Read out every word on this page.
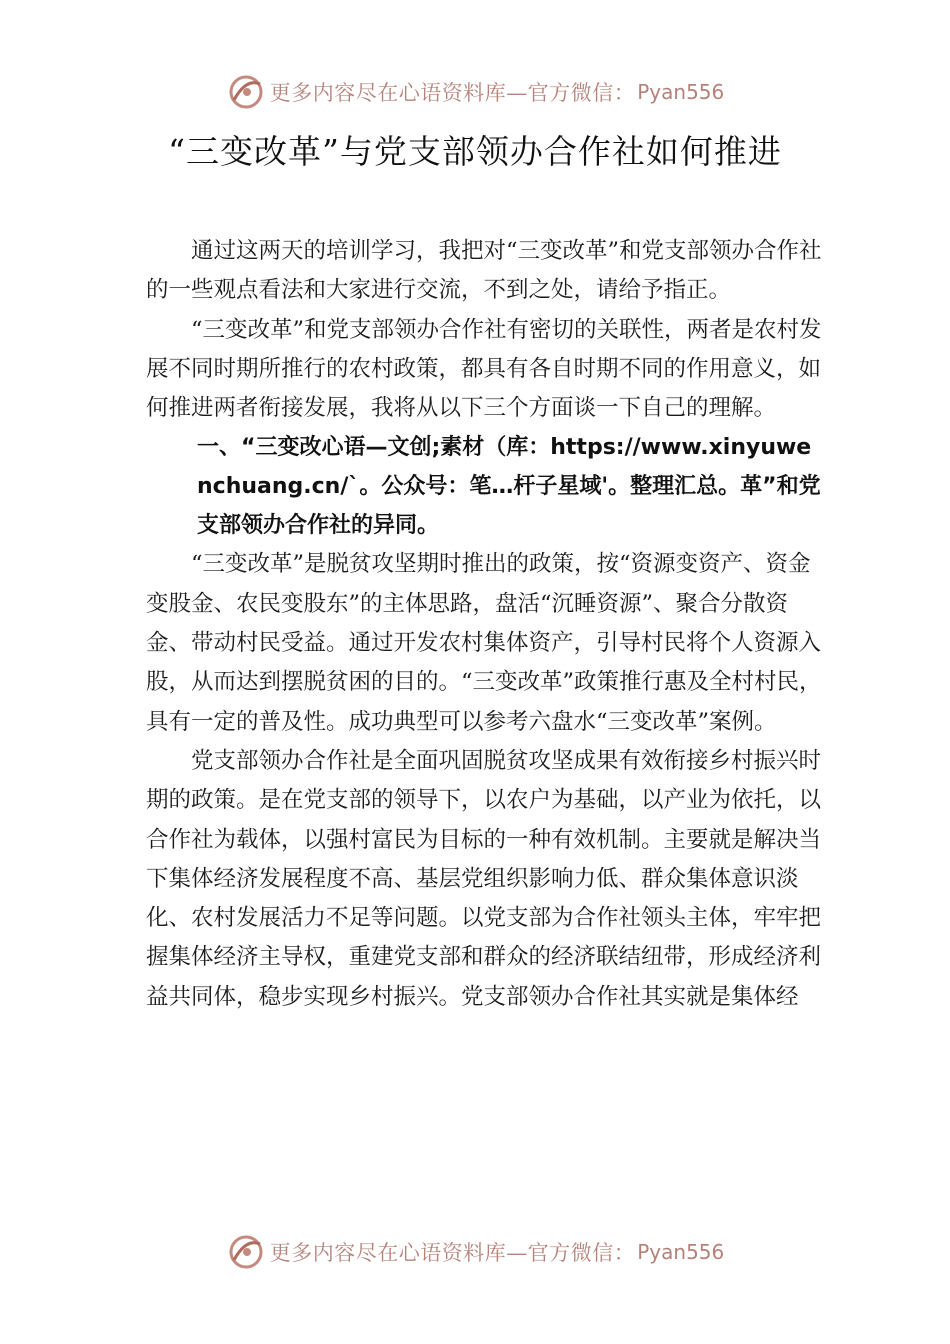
更多内容尽在心语资料库—官方微信： Pyan556
“三变改革”与党支部领办合作社如何推进

通过这两天的培训学习，我把对“三变改革”和党支部领办合作社的一些观点看法和大家进行交流，不到之处，请给予指正。

“三变改革”和党支部领办合作社有密切的关联性，两者是农村发展不同时期所推行的农村政策，都具有各自时期不同的作用意义，如何推进两者衔接发展，我将从以下三个方面谈一下自己的理解。

一、“三变改心语—文创;素材（库：https://www.xinyuwenchuang.cn/`。公众号：笔…杆子星域'。整理汇总。革”和党支部领办合作社的异同。

“三变改革”是脱贫攻坚期时推出的政策，按“资源变资产、资金变股金、农民变股东”的主体思路，盘活“沉睡资源”、聚合分散资金、带动村民受益。通过开发农村集体资产，引导村民将个人资源入股，从而达到摆脱贫困的目的。“三变改革”政策推行惠及全村村民，具有一定的普及性。成功典型可以参考六盘水“三变改革”案例。

党支部领办合作社是全面巩固脱贫攻坚成果有效衔接乡村振兴时期的政策。是在党支部的领导下，以农户为基础，以产业为依托，以合作社为载体，以强村富民为目标的一种有效机制。主要就是解决当下集体经济发展程度不高、基层党组织影响力低、群众集体意识淡化、农村发展活力不足等问题。以党支部为合作社领头主体，牢牢把握集体经济主导权，重建党支部和群众的经济联结纽带，形成经济利益共同体，稳步实现乡村振兴。党支部领办合作社其实就是集体经

更多内容尽在心语资料库—官方微信： Pyan556
